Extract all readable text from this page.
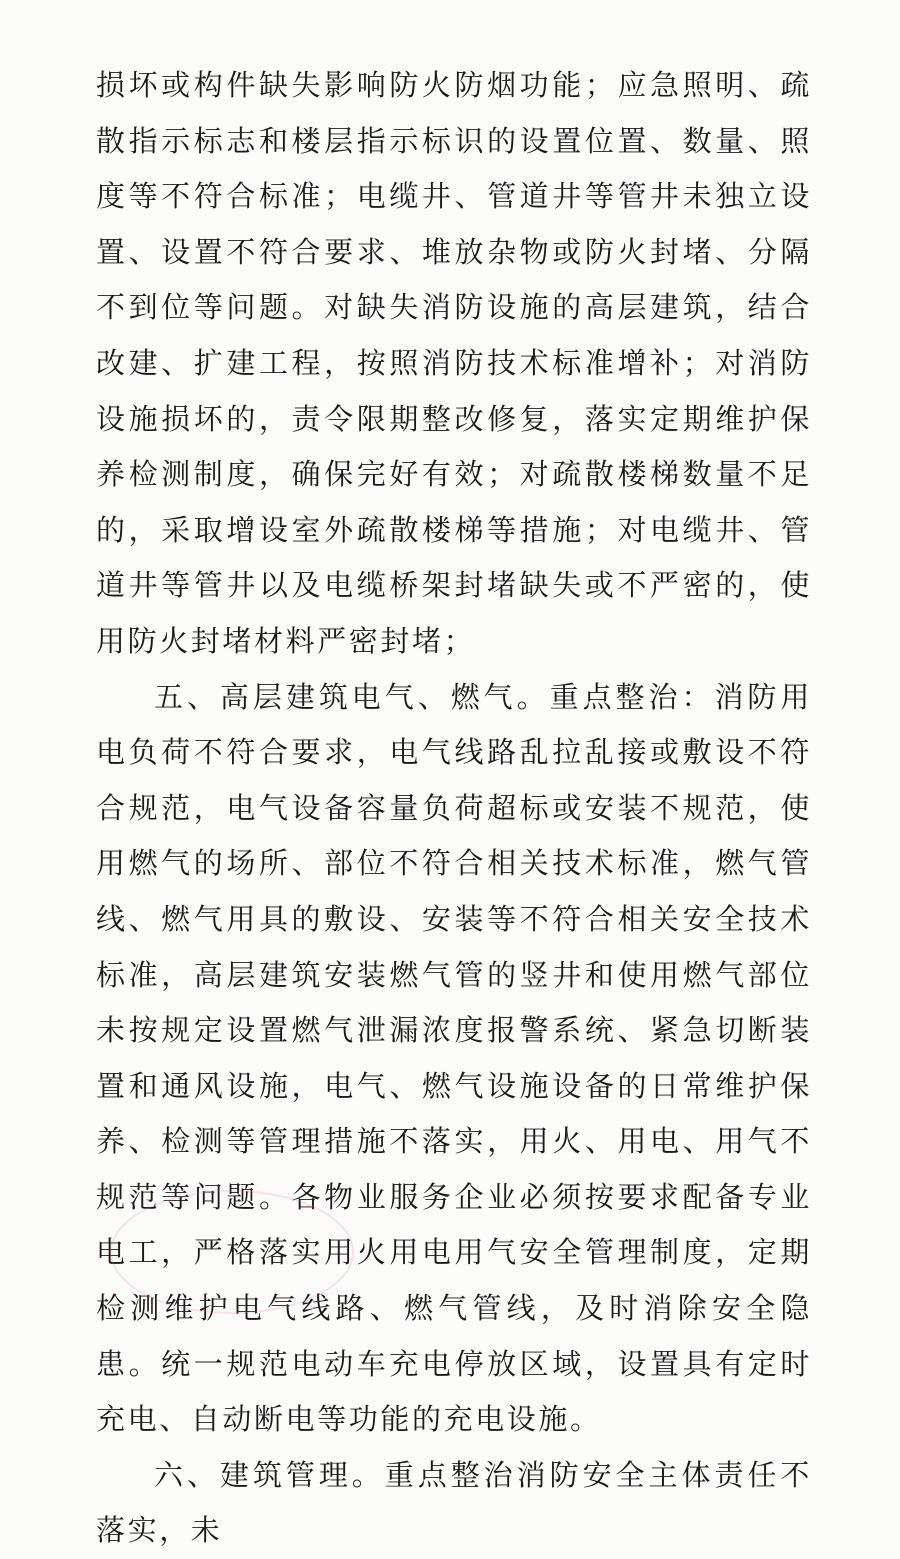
损坏或构件缺失影响防火防烟功能；应急照明、疏散指示标志和楼层指示标识的设置位置、数量、照度等不符合标准；电缆井、管道井等管井未独立设置、设置不符合要求、堆放杂物或防火封堵、分隔不到位等问题。对缺失消防设施的高层建筑，结合改建、扩建工程，按照消防技术标准增补；对消防设施损坏的，责令限期整改修复，落实定期维护保养检测制度，确保完好有效；对疏散楼梯数量不足的，采取增设室外疏散楼梯等措施；对电缆井、管道井等管井以及电缆桥架封堵缺失或不严密的，使用防火封堵材料严密封堵；

五、高层建筑电气、燃气。重点整治：消防用电负荷不符合要求，电气线路乱拉乱接或敷设不符合规范，电气设备容量负荷超标或安装不规范，使用燃气的场所、部位不符合相关技术标准，燃气管线、燃气用具的敷设、安装等不符合相关安全技术标准，高层建筑安装燃气管的竖井和使用燃气部位未按规定设置燃气泄漏浓度报警系统、紧急切断装置和通风设施，电气、燃气设施设备的日常维护保养、检测等管理措施不落实，用火、用电、用气不规范等问题。各物业服务企业必须按要求配备专业电工，严格落实用火用电用气安全管理制度，定期检测维护电气线路、燃气管线，及时消除安全隐患。统一规范电动车充电停放区域，设置具有定时充电、自动断电等功能的充电设施。

六、建筑管理。重点整治消防安全主体责任不落实，未
